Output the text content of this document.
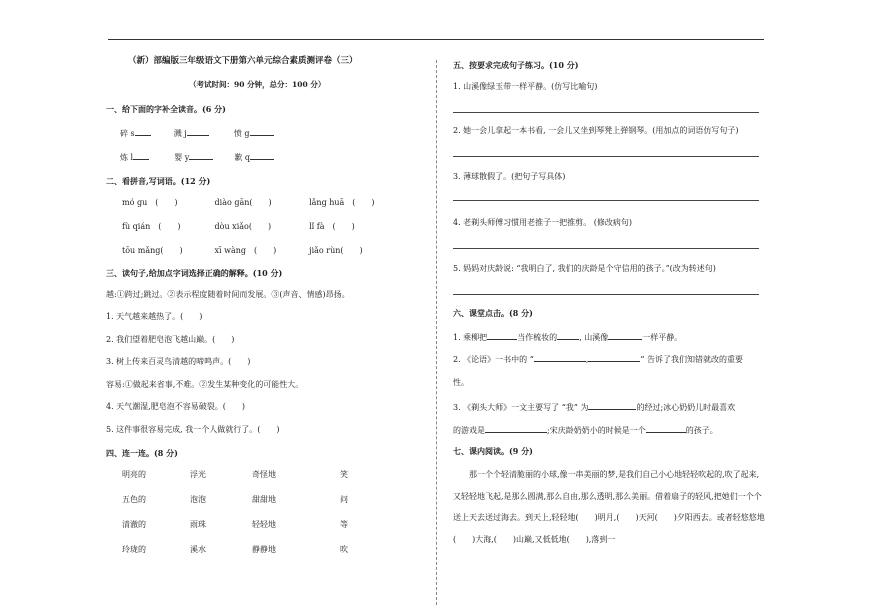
（新）部编版三年级语文下册第六单元综合素质测评卷（三）
（考试时间：90 分钟，总分：100 分）
一、给下面的字补全读音。(6 分)
碎 s	溅 j	愤 g
炼 l	婴 y	歉 q
二、看拼音,写词语。(12 分)
mó gu　(　　)	diào gān(　　)	lǎng huā　(　　)
fù qián　(　　)	dòu xiǎo(　　)	lǐ fà　(　　)
tōu mǎng(　　)	xī wàng　(　　)	jiǎo rùn(　　)
三、读句子,给加点字词选择正确的解释。(10 分)
越:①跨过;跳过。②表示程度随着时间而发展。③(声音、情感)昂扬。
1. 天气越来越热了。(　　)
2. 我们望着肥皂泡飞越山巅。(　　)
3. 树上传来百灵鸟清越的啼鸣声。(　　)
容易:①做起来省事,不难。②发生某种变化的可能性大。
4. 天气潮湿,肥皂泡不容易破裂。(　　)
5. 这件事很容易完成, 我一个人做就行了。(　　)
四、连一连。(8 分)
明亮的	浮光	奇怪地	笑
五色的	泡泡	甜甜地	问
清澈的	雨珠	轻轻地	等
玲珑的	溪水	静静地	吹
五、按要求完成句子练习。(10 分)
1. 山溪像绿玉带一样平静。(仿写比喻句)
2. 她一会儿拿起一本书看, 一会儿又坐到琴凳上弹钢琴。(用加点的词语仿写句子)
3. 薄球散假了。(把句子写具体)
4. 老剃头师傅习惯用老推子一把推剪。 (修改病句)
5. 妈妈对庆龄说: “我明白了, 我们的庆龄是个守信用的孩子。”(改为转述句)
六、课堂点击。(8 分)
1. 乘柳把	当作梳妆的	, 山溪像	一样平静。
2. 《论语》一书中的 “	,	” 告诉了我们知错就改的重要
性。
3. 《剃头大师》一文主要写了 “我” 为	的经过;冰心奶奶儿时最喜欢
的游戏是	;宋庆龄奶奶小的时候是一个	的孩子。
七、课内阅读。(9 分)
　　那一个个轻清脆丽的小球,像一串美丽的梦,是我们自己小心地轻轻吹起的,吹了起来,又轻轻地飞起,是那么圆满,那么自由,那么透明,那么美丽。借着扇子的轻风,把她们一个个送上天去送过海去。到天上,轻轻地(　　)明月,(　　)天河(　　)夕阳西去。或者轻悠悠地(　　)大海,(　　)山巅,又低低地(　　),落到一
